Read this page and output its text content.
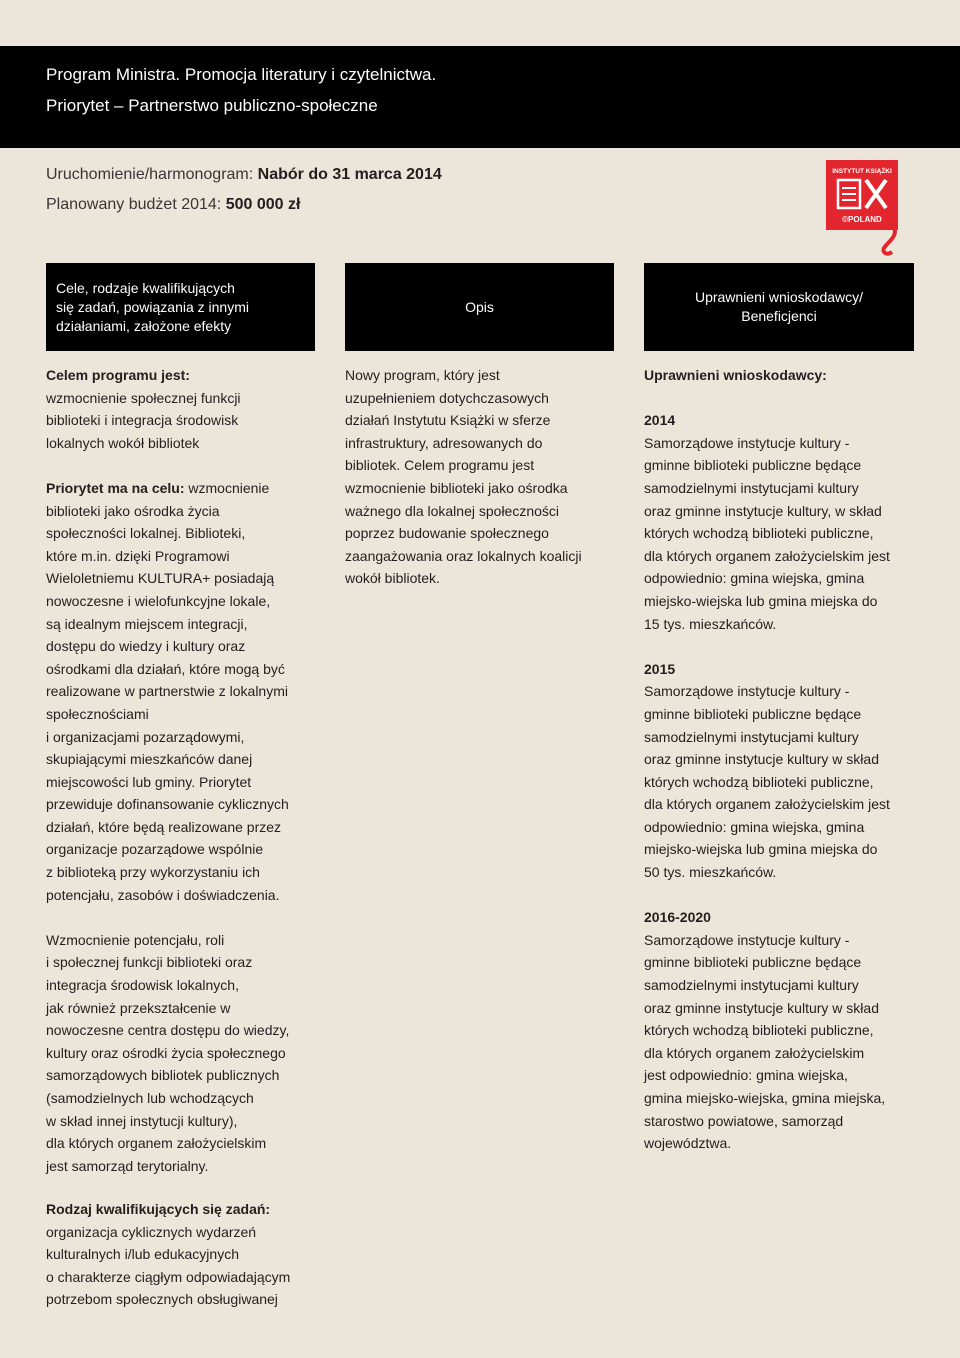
Program Ministra. Promocja literatury i czytelnictwa.
Priorytet – Partnerstwo publiczno-społeczne
Uruchomienie/harmonogram: Nabór do 31 marca 2014
Planowany budżet 2014: 500 000 zł
INSTYTUT KSIĄŻKI
©POLAND
Cele, rodzaje kwalifikujących
się zadań, powiązania z innymi
działaniami, założone efekty
Opis
Uprawnieni wnioskodawcy/
Beneficjenci
Celem programu jest:
wzmocnienie społecznej funkcji
biblioteki i integracja środowisk
lokalnych wokół bibliotek

Priorytet ma na celu: wzmocnienie
biblioteki jako ośrodka życia
społeczności lokalnej. Biblioteki,
które m.in. dzięki Programowi
Wieloletniemu KULTURA+ posiadają
nowoczesne i wielofunkcyjne lokale,
są idealnym miejscem integracji,
dostępu do wiedzy i kultury oraz
ośrodkami dla działań, które mogą być
realizowane w partnerstwie z lokalnymi
społecznościami
i organizacjami pozarządowymi,
skupiającymi mieszkańców danej
miejscowości lub gminy. Priorytet
przewiduje dofinansowanie cyklicznych
działań, które będą realizowane przez
organizacje pozarządowe wspólnie
z biblioteką przy wykorzystaniu ich
potencjału, zasobów i doświadczenia.

Wzmocnienie potencjału, roli
i społecznej funkcji biblioteki oraz
integracja środowisk lokalnych,
jak również przekształcenie w
nowoczesne centra dostępu do wiedzy,
kultury oraz ośrodki życia społecznego
samorządowych bibliotek publicznych
(samodzielnych lub wchodzących
w skład innej instytucji kultury),
dla których organem założycielskim
jest samorząd terytorialny.
Nowy program, który jest
uzupełnieniem dotychczasowych
działań Instytutu Książki w sferze
infrastruktury, adresowanych do
bibliotek. Celem programu jest
wzmocnienie biblioteki jako ośrodka
ważnego dla lokalnej społeczności
poprzez budowanie społecznego
zaangażowania oraz lokalnych koalicji
wokół bibliotek.
Uprawnieni wnioskodawcy:

2014
Samorządowe instytucje kultury -
gminne biblioteki publiczne będące
samodzielnymi instytucjami kultury
oraz gminne instytucje kultury, w skład
których wchodzą biblioteki publiczne,
dla których organem założycielskim jest
odpowiednio: gmina wiejska, gmina
miejsko-wiejska lub gmina miejska do
15 tys. mieszkańców.

2015
Samorządowe instytucje kultury -
gminne biblioteki publiczne będące
samodzielnymi instytucjami kultury
oraz gminne instytucje kultury w skład
których wchodzą biblioteki publiczne,
dla których organem założycielskim jest
odpowiednio: gmina wiejska, gmina
miejsko-wiejska lub gmina miejska do
50 tys. mieszkańców.

2016-2020
Samorządowe instytucje kultury -
gminne biblioteki publiczne będące
samodzielnymi instytucjami kultury
oraz gminne instytucje kultury w skład
których wchodzą biblioteki publiczne,
dla których organem założycielskim
jest odpowiednio: gmina wiejska,
gmina miejsko-wiejska, gmina miejska,
starostwo powiatowe, samorząd
województwa.
Rodzaj kwalifikujących się zadań:
organizacja cyklicznych wydarzeń
kulturalnych i/lub edukacyjnych
o charakterze ciągłym odpowiadającym
potrzebom społecznych obsługiwanej
